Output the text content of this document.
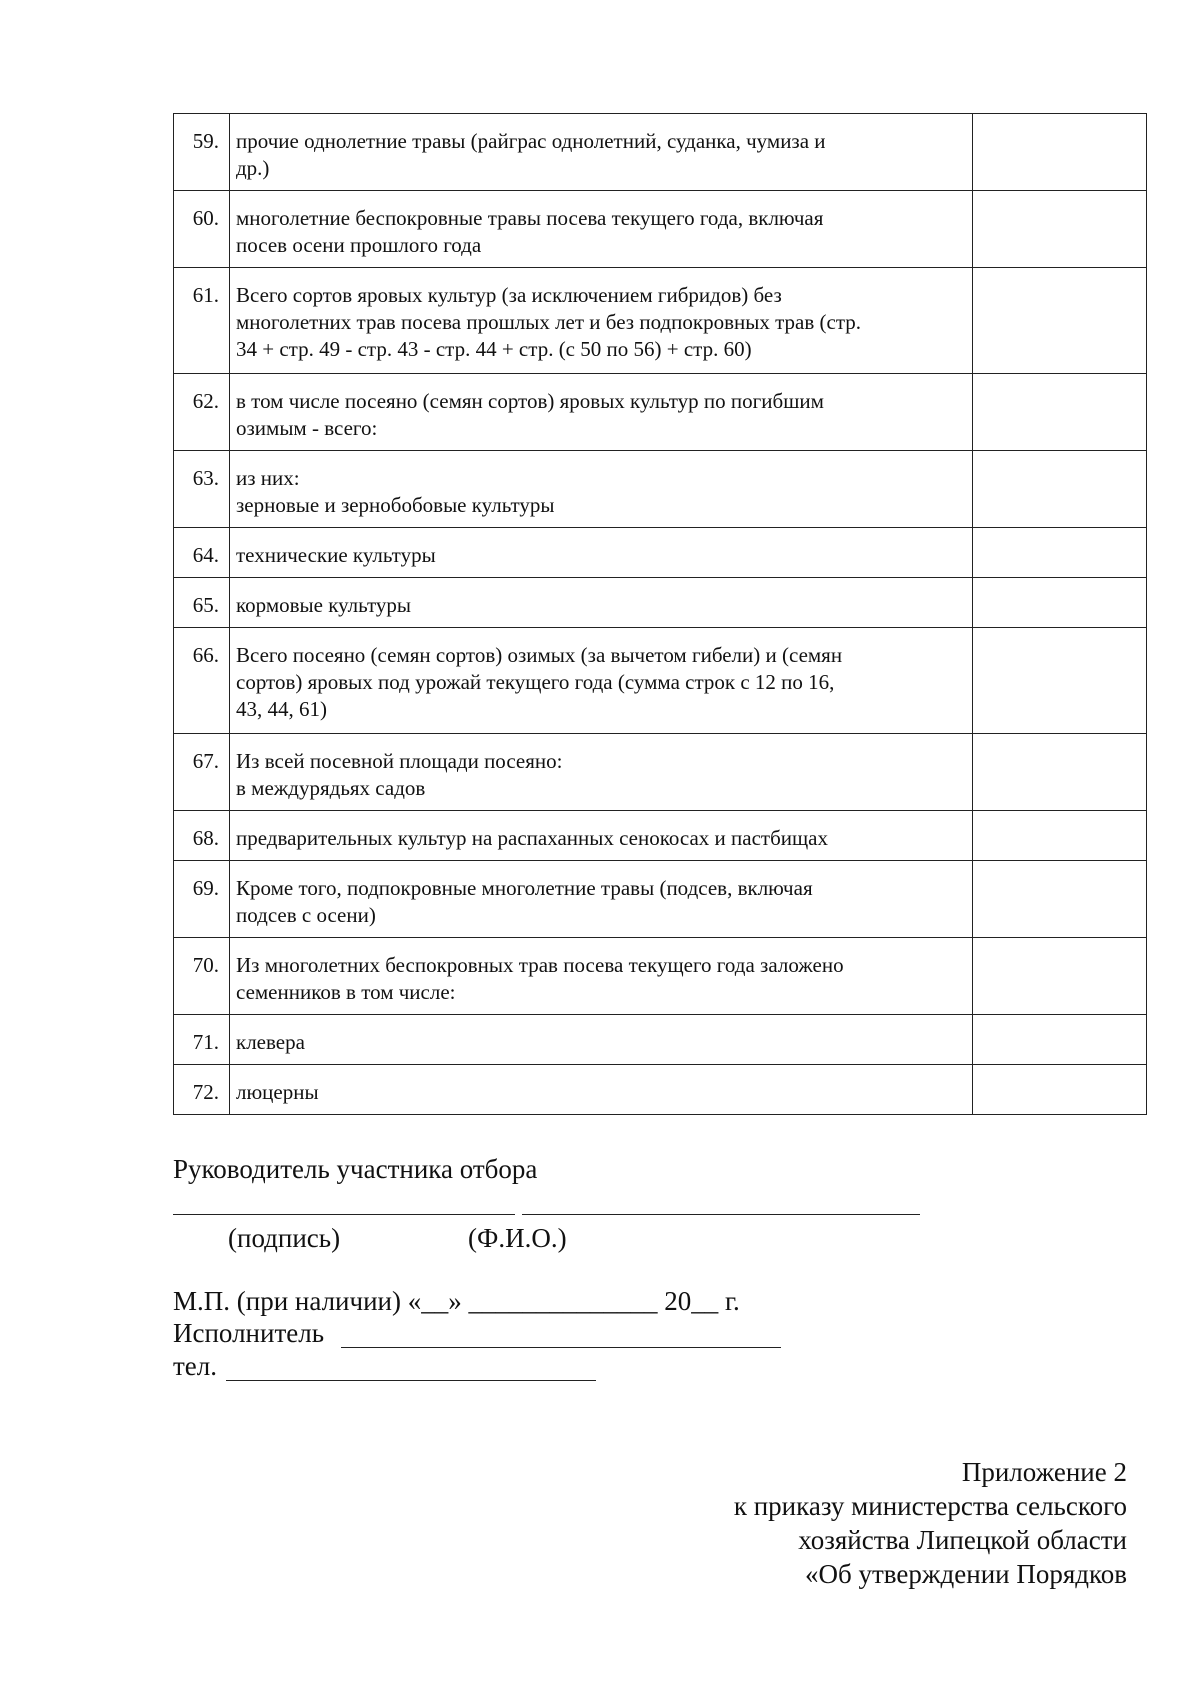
59.	прочие однолетние травы (райграс однолетний, суданка, чумиза и
др.)	

60.	многолетние беспокровные травы посева текущего года, включая
посев осени прошлого года	

61.	Всего сортов яровых культур (за исключением гибридов) без
многолетних трав посева прошлых лет и без подпокровных трав (стр.
34 + стр. 49 - стр. 43 - стр. 44 + стр. (с 50 по 56) + стр. 60)	

62.	в том числе посеяно (семян сортов) яровых культур по погибшим
озимым - всего:	

63.	из них:
зерновые и зернобобовые культуры	

64.	технические культуры	

65.	кормовые культуры	

66.	Всего посеяно (семян сортов) озимых (за вычетом гибели) и (семян
сортов) яровых под урожай текущего года (сумма строк с 12 по 16,
43, 44, 61)	

67.	Из всей посевной площади посеяно:
в междурядьях садов	

68.	предварительных культур на распаханных сенокосах и пастбищах	

69.	Кроме того, подпокровные многолетние травы (подсев, включая
подсев с осени)	

70.	Из многолетних беспокровных трав посева текущего года заложено
семенников в том числе:	

71.	клевера	

72.	люцерны	

Руководитель участника отбора
(подпись)	(Ф.И.О.)
М.П. (при наличии) «__» ______________ 20__ г.
Исполнитель
тел.
Приложение 2
к приказу министерства сельского
хозяйства Липецкой области
«Об утверждении Порядков
